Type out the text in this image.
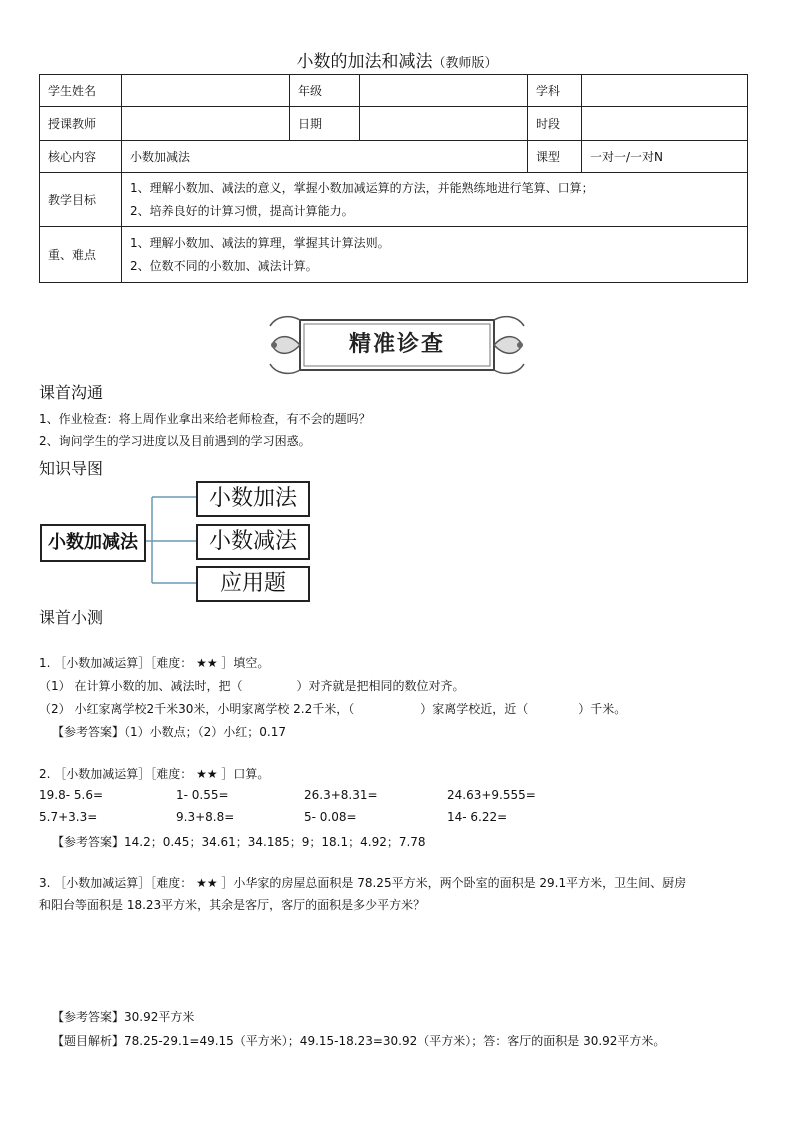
小数的加法和减法（教师版）
学生姓名		年级		学科	
授课教师		日期		时段	
核心内容	小数加减法			课型	一对一/一对N
教学目标	1、理解小数加、减法的意义，掌握小数加减运算的方法，并能熟练地进行笔算、口算；
2、培养良好的计算习惯，提高计算能力。				

重、难点	1、理解小数加、减法的算理，掌握其计算法则。
2、位数不同的小数加、减法计算。				
精准诊查
课首沟通
1、作业检查：将上周作业拿出来给老师检查，有不会的题吗？
2、询问学生的学习进度以及目前遇到的学习困惑。
知识导图
小数加减法
小数加法
小数减法
应用题
课首小测
1. ［小数加减运算］［难度： ★★ ］填空。
（1） 在计算小数的加、减法时，把（	）对齐就是把相同的数位对齐。
（2） 小红家离学校2千米30米，小明家离学校 2.2千米，（	）家离学校近，近（	）千米。
【参考答案】（1）小数点；（2）小红；0.17
2. ［小数加减运算］［难度： ★★ ］口算。
19.8- 5.6=	1- 0.55=	26.3+8.31=	24.63+9.555=
5.7+3.3=	9.3+8.8=	5- 0.08=	14- 6.22=
【参考答案】14.2；0.45；34.61；34.185；9；18.1；4.92；7.78
3. ［小数加减运算］［难度： ★★ ］小华家的房屋总面积是 78.25平方米，两个卧室的面积是 29.1平方米，卫生间、厨房
和阳台等面积是 18.23平方米，其余是客厅，客厅的面积是多少平方米？
【参考答案】30.92平方米
【题目解析】78.25-29.1=49.15（平方米）；49.15-18.23=30.92（平方米）；答：客厅的面积是 30.92平方米。
